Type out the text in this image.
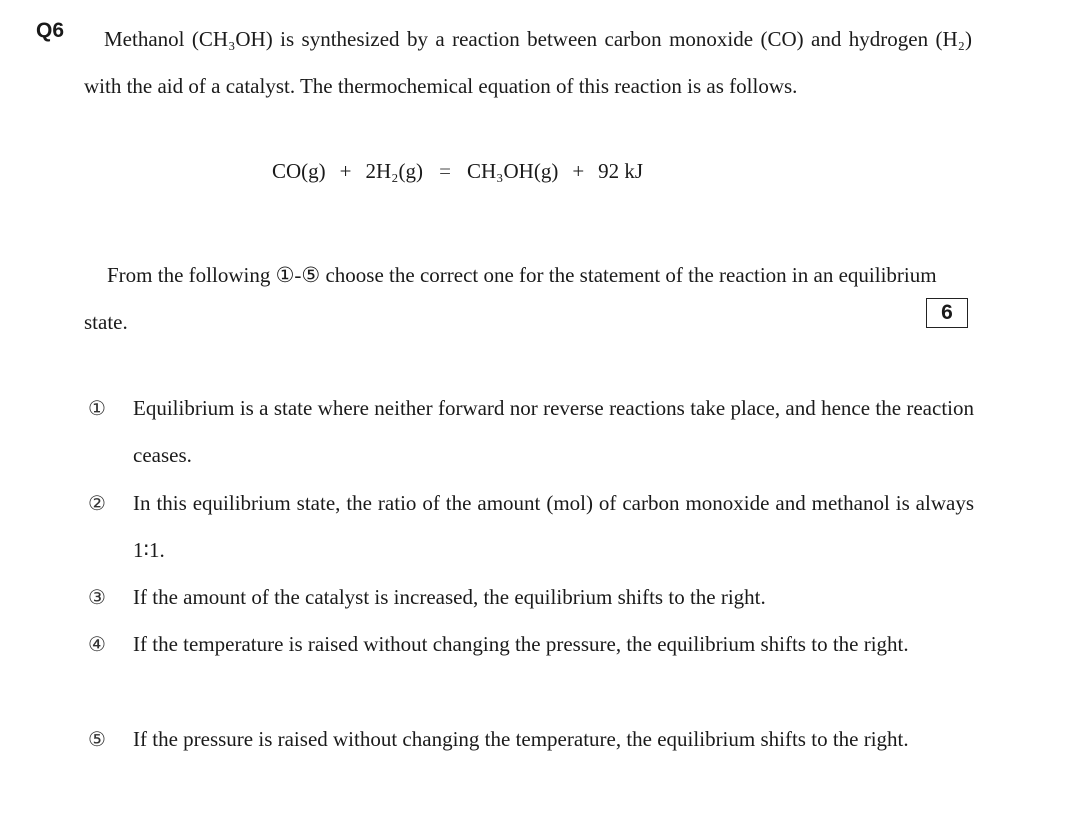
Q6	Methanol (CH₃OH) is synthesized by a reaction between carbon monoxide (CO) and hydrogen (H₂) with the aid of a catalyst. The thermochemical equation of this reaction is as follows.

CO(g) + 2H₂(g) = CH₃OH(g) + 92 kJ

From the following ①-⑤ choose the correct one for the statement of the reaction in an equilibrium state.	6
① Equilibrium is a state where neither forward nor reverse reactions take place, and hence the reaction ceases.

② In this equilibrium state, the ratio of the amount (mol) of carbon monoxide and methanol is always 1∶1.

③ If the amount of the catalyst is increased, the equilibrium shifts to the right.

④ If the temperature is raised without changing the pressure, the equilibrium shifts to the right.

⑤ If the pressure is raised without changing the temperature, the equilibrium shifts to the right.
